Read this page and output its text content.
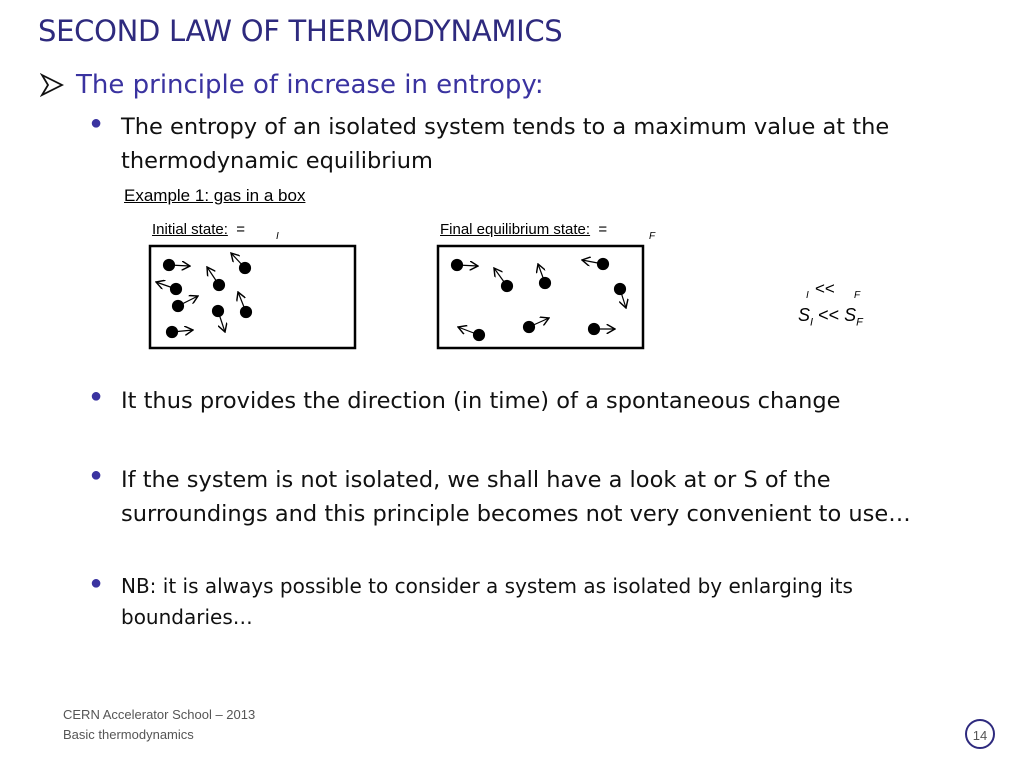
SECOND LAW OF THERMODYNAMICS
The principle of increase in entropy:
● The entropy of an isolated system tends to a maximum value at the thermodynamic equilibrium
Example 1: gas in a box
Initial state: =	I	Final equilibrium state: =	F
I << F
$S_I << S_F$
● It thus provides the direction (in time) of a spontaneous change
● If the system is not isolated, we shall have a look at or S of the surroundings and this principle becomes not very convenient to use…
● NB: it is always possible to consider a system as isolated by enlarging its boundaries…
CERN Accelerator School – 2013
Basic thermodynamics	14
